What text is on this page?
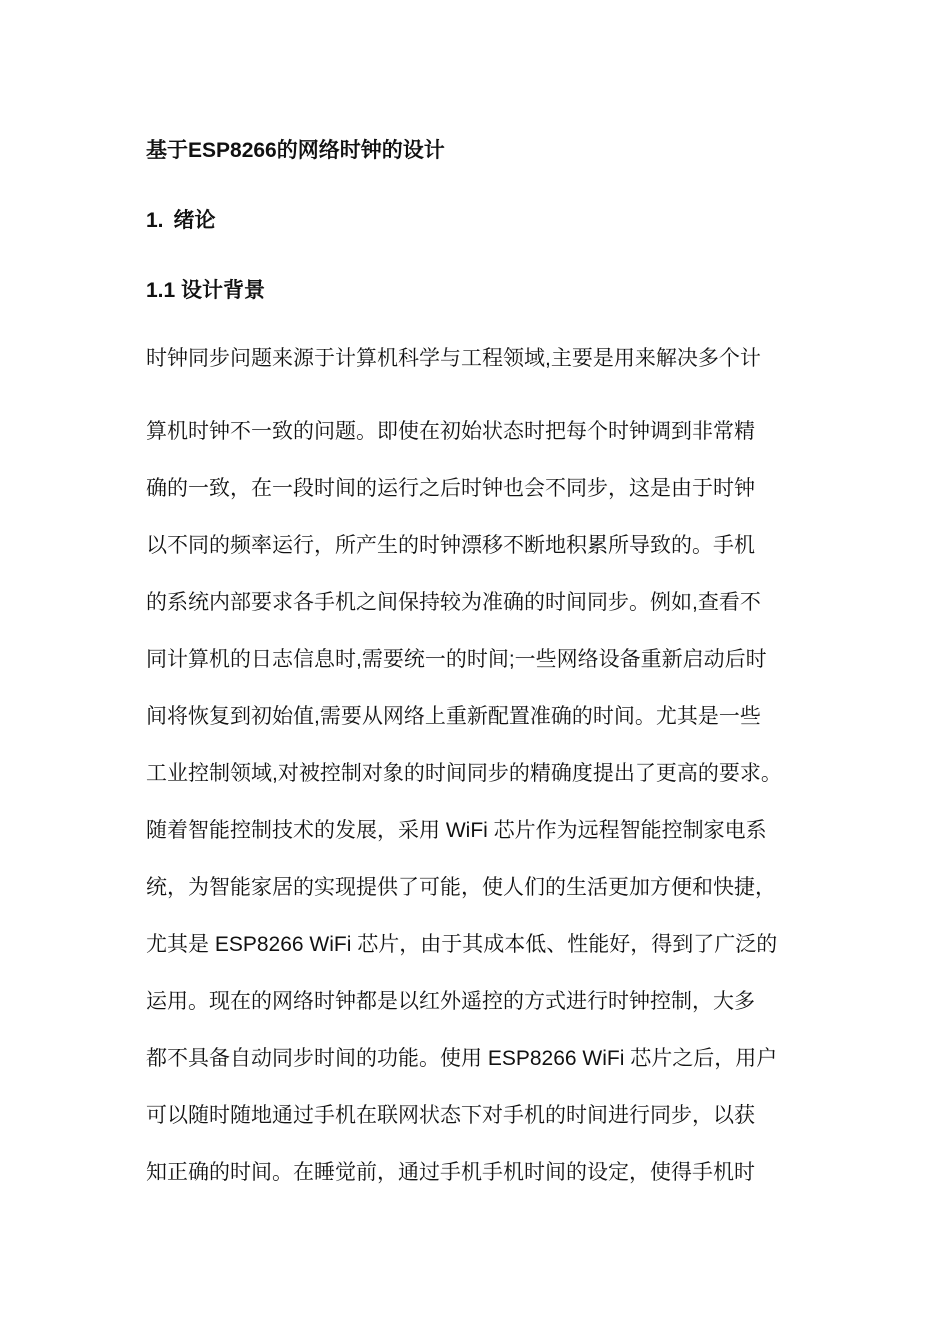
基于ESP8266的网络时钟的设计
1. 绪论
1.1 设计背景
时钟同步问题来源于计算机科学与工程领域,主要是用来解决多个计
算机时钟不一致的问题。即使在初始状态时把每个时钟调到非常精
确的一致，在一段时间的运行之后时钟也会不同步，这是由于时钟
以不同的频率运行，所产生的时钟漂移不断地积累所导致的。手机
的系统内部要求各手机之间保持较为准确的时间同步。例如,查看不
同计算机的日志信息时,需要统一的时间;一些网络设备重新启动后时
间将恢复到初始值,需要从网络上重新配置准确的时间。尤其是一些
工业控制领域,对被控制对象的时间同步的精确度提出了更高的要求。
随着智能控制技术的发展，采用 WiFi 芯片作为远程智能控制家电系
统，为智能家居的实现提供了可能，使人们的生活更加方便和快捷，
尤其是 ESP8266 WiFi 芯片，由于其成本低、性能好，得到了广泛的
运用。现在的网络时钟都是以红外遥控的方式进行时钟控制，大多
都不具备自动同步时间的功能。使用 ESP8266 WiFi 芯片之后，用户
可以随时随地通过手机在联网状态下对手机的时间进行同步，以获
知正确的时间。在睡觉前，通过手机手机时间的设定，使得手机时
